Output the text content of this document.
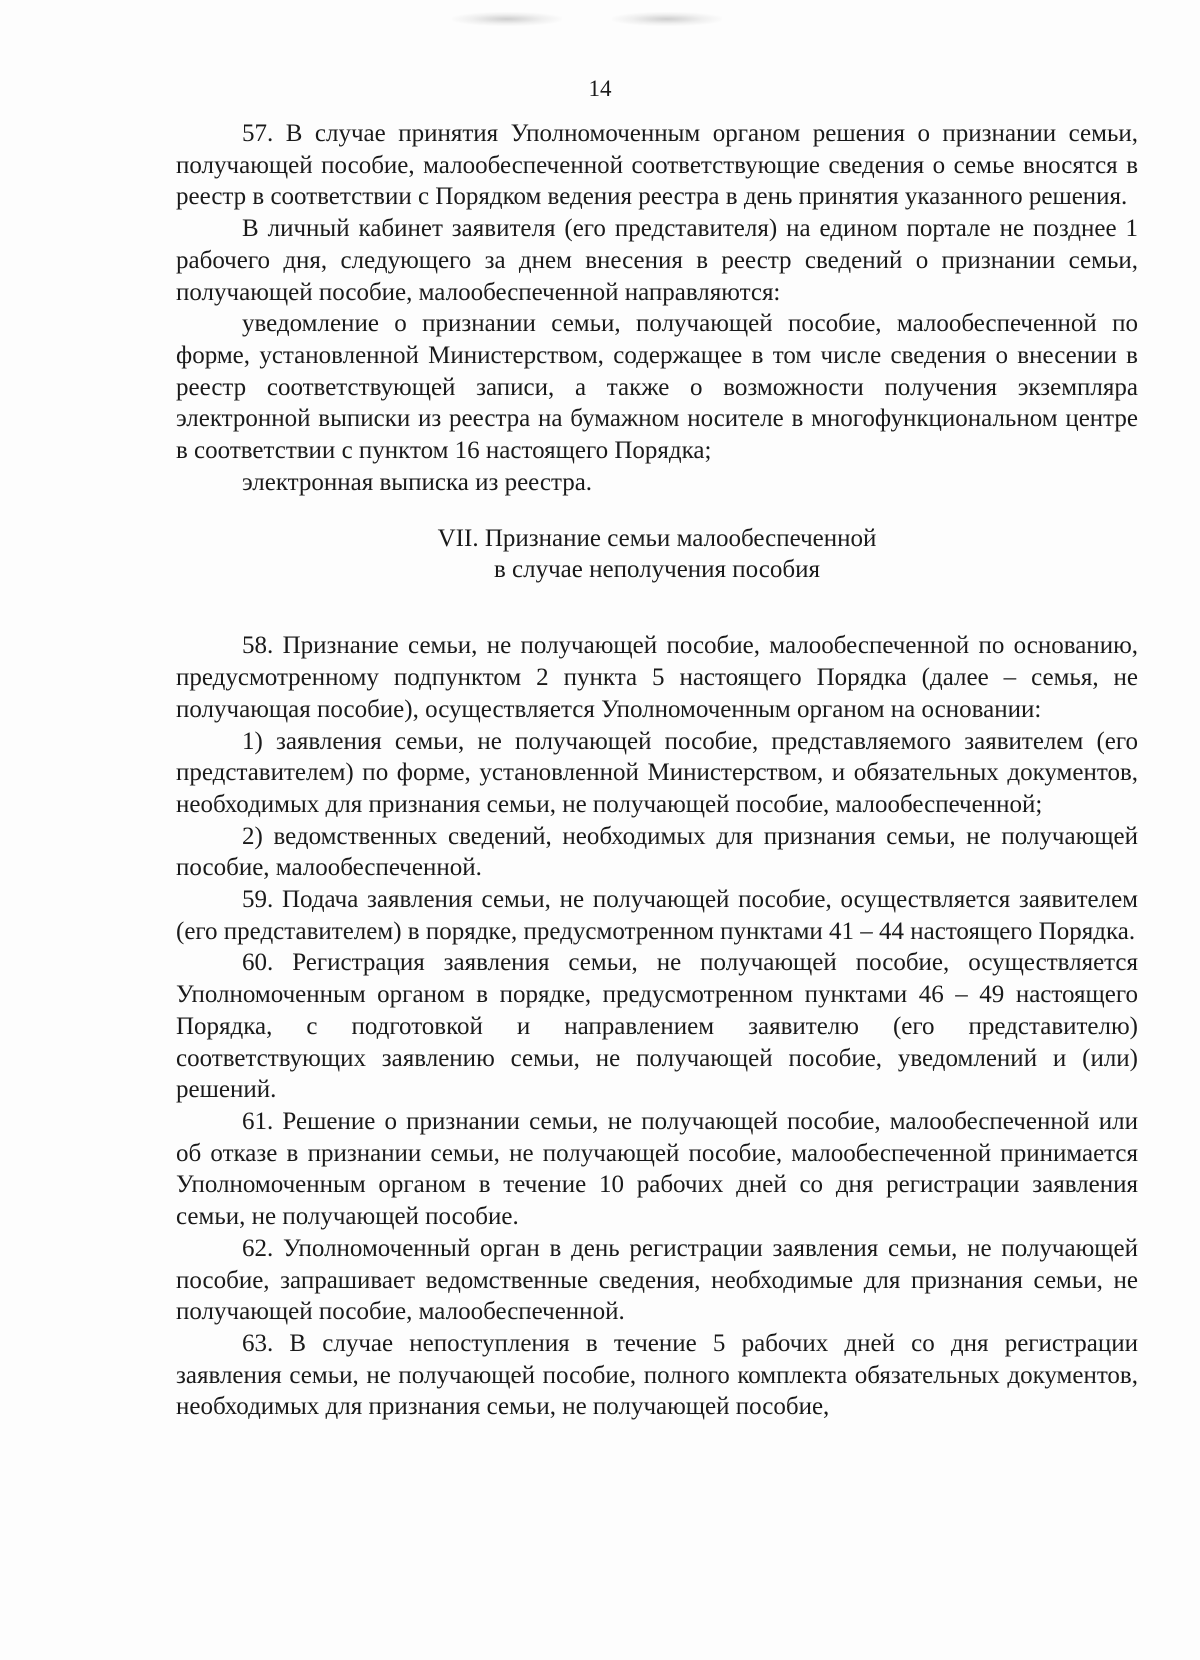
14

57. В случае принятия Уполномоченным органом решения о признании семьи, получающей пособие, малообеспеченной соответствующие сведения о семье вносятся в реестр в соответствии с Порядком ведения реестра в день принятия указанного решения.

В личный кабинет заявителя (его представителя) на едином портале не позднее 1 рабочего дня, следующего за днем внесения в реестр сведений о признании семьи, получающей пособие, малообеспеченной направляются:

уведомление о признании семьи, получающей пособие, малообеспеченной по форме, установленной Министерством, содержащее в том числе сведения о внесении в реестр соответствующей записи, а также о возможности получения экземпляра электронной выписки из реестра на бумажном носителе в многофункциональном центре в соответствии с пунктом 16 настоящего Порядка;

электронная выписка из реестра.

VII. Признание семьи малообеспеченной
в случае неполучения пособия

58. Признание семьи, не получающей пособие, малообеспеченной по основанию, предусмотренному подпунктом 2 пункта 5 настоящего Порядка (далее – семья, не получающая пособие), осуществляется Уполномоченным органом на основании:

1) заявления семьи, не получающей пособие, представляемого заявителем (его представителем) по форме, установленной Министерством, и обязательных документов, необходимых для признания семьи, не получающей пособие, малообеспеченной;

2) ведомственных сведений, необходимых для признания семьи, не получающей пособие, малообеспеченной.

59. Подача заявления семьи, не получающей пособие, осуществляется заявителем (его представителем) в порядке, предусмотренном пунктами 41 – 44 настоящего Порядка.

60. Регистрация заявления семьи, не получающей пособие, осуществляется Уполномоченным органом в порядке, предусмотренном пунктами 46 – 49 настоящего Порядка, с подготовкой и направлением заявителю (его представителю) соответствующих заявлению семьи, не получающей пособие, уведомлений и (или) решений.

61. Решение о признании семьи, не получающей пособие, малообеспеченной или об отказе в признании семьи, не получающей пособие, малообеспеченной принимается Уполномоченным органом в течение 10 рабочих дней со дня регистрации заявления семьи, не получающей пособие.

62. Уполномоченный орган в день регистрации заявления семьи, не получающей пособие, запрашивает ведомственные сведения, необходимые для признания семьи, не получающей пособие, малообеспеченной.

63. В случае непоступления в течение 5 рабочих дней со дня регистрации заявления семьи, не получающей пособие, полного комплекта обязательных документов, необходимых для признания семьи, не получающей пособие,
